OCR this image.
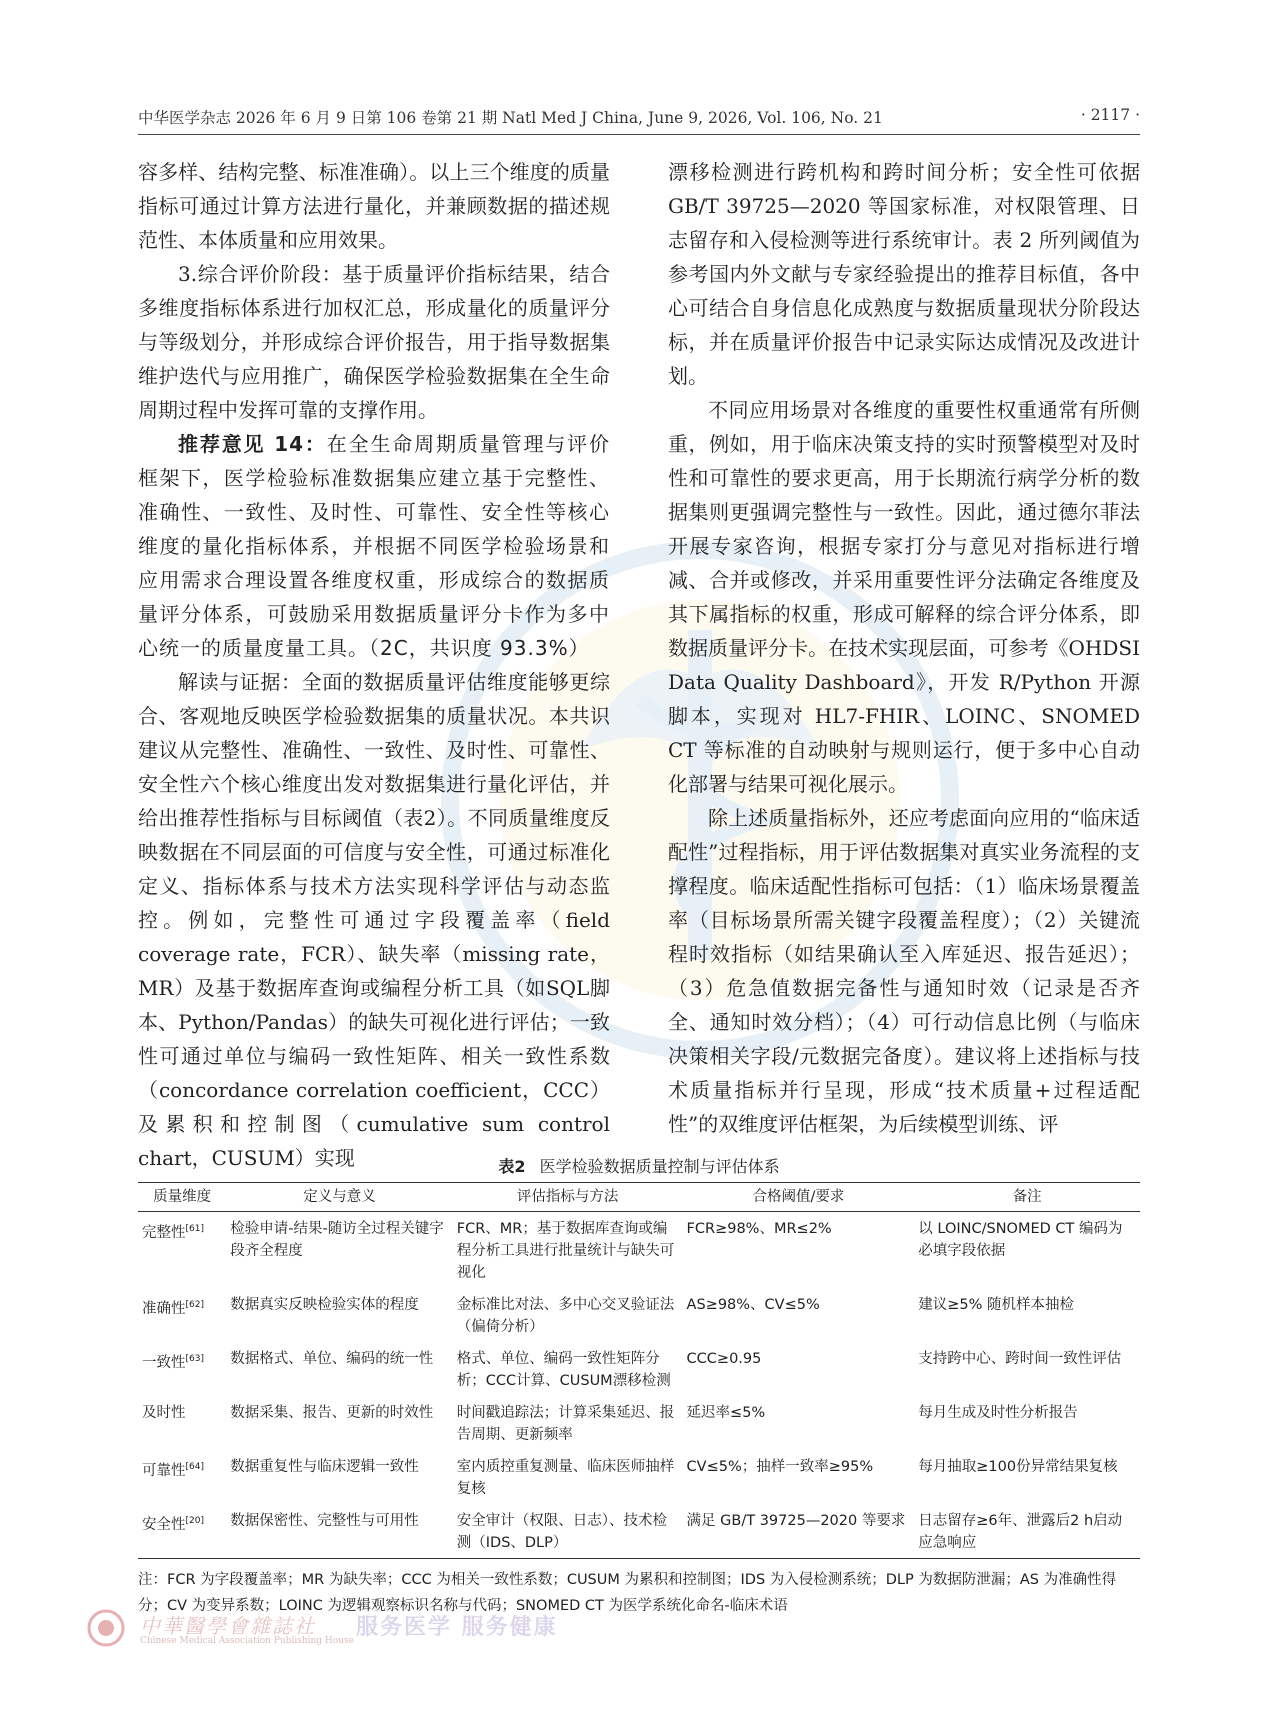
中华医学杂志 2026 年 6 月 9 日第 106 卷第 21 期 Natl Med J China, June 9, 2026, Vol. 106, No. 21	· 2117 ·

容多样、结构完整、标准准确）。以上三个维度的质量指标可通过计算方法进行量化，并兼顾数据的描述规范性、本体质量和应用效果。

3.综合评价阶段：基于质量评价指标结果，结合多维度指标体系进行加权汇总，形成量化的质量评分与等级划分，并形成综合评价报告，用于指导数据集维护迭代与应用推广，确保医学检验数据集在全生命周期过程中发挥可靠的支撑作用。

推荐意见 14：在全生命周期质量管理与评价框架下，医学检验标准数据集应建立基于完整性、准确性、一致性、及时性、可靠性、安全性等核心维度的量化指标体系，并根据不同医学检验场景和应用需求合理设置各维度权重，形成综合的数据质量评分体系，可鼓励采用数据质量评分卡作为多中心统一的质量度量工具。（2C，共识度 93.3%）

解读与证据：全面的数据质量评估维度能够更综合、客观地反映医学检验数据集的质量状况。本共识建议从完整性、准确性、一致性、及时性、可靠性、安全性六个核心维度出发对数据集进行量化评估，并给出推荐性指标与目标阈值（表2）。不同质量维度反映数据在不同层面的可信度与安全性，可通过标准化定义、指标体系与技术方法实现科学评估与动态监控。例如，完整性可通过字段覆盖率（field coverage rate，FCR）、缺失率（missing rate，MR）及基于数据库查询或编程分析工具（如SQL脚本、Python/Pandas）的缺失可视化进行评估；一致性可通过单位与编码一致性矩阵、相关一致性系数（concordance correlation coefficient，CCC）及累积和控制图（cumulative sum control chart，CUSUM）实现

漂移检测进行跨机构和跨时间分析；安全性可依据 GB/T 39725—2020 等国家标准，对权限管理、日志留存和入侵检测等进行系统审计。表 2 所列阈值为参考国内外文献与专家经验提出的推荐目标值，各中心可结合自身信息化成熟度与数据质量现状分阶段达标，并在质量评价报告中记录实际达成情况及改进计划。

不同应用场景对各维度的重要性权重通常有所侧重，例如，用于临床决策支持的实时预警模型对及时性和可靠性的要求更高，用于长期流行病学分析的数据集则更强调完整性与一致性。因此，通过德尔菲法开展专家咨询，根据专家打分与意见对指标进行增减、合并或修改，并采用重要性评分法确定各维度及其下属指标的权重，形成可解释的综合评分体系，即数据质量评分卡。在技术实现层面，可参考《OHDSI Data Quality Dashboard》，开发 R/Python 开源脚本，实现对 HL7-FHIR、LOINC、SNOMED CT 等标准的自动映射与规则运行，便于多中心自动化部署与结果可视化展示。

除上述质量指标外，还应考虑面向应用的“临床适配性”过程指标，用于评估数据集对真实业务流程的支撑程度。临床适配性指标可包括：（1）临床场景覆盖率（目标场景所需关键字段覆盖程度）；（2）关键流程时效指标（如结果确认至入库延迟、报告延迟）；（3）危急值数据完备性与通知时效（记录是否齐全、通知时效分档）；（4）可行动信息比例（与临床决策相关字段/元数据完备度）。建议将上述指标与技术质量指标并行呈现，形成“技术质量+过程适配性”的双维度评估框架，为后续模型训练、评

表2 医学检验数据质量控制与评估体系
质量维度	定义与意义	评估指标与方法	合格阈值/要求	备注
完整性[61]	检验申请-结果-随访全过程关键字段齐全程度	FCR、MR；基于数据库查询或编程分析工具进行批量统计与缺失可视化	FCR≥98%、MR≤2%	以 LOINC/SNOMED CT 编码为必填字段依据
准确性[62]	数据真实反映检验实体的程度	金标准比对法、多中心交叉验证法（偏倚分析）	AS≥98%、CV≤5%	建议≥5% 随机样本抽检
一致性[63]	数据格式、单位、编码的统一性	格式、单位、编码一致性矩阵分析；CCC计算、CUSUM漂移检测	CCC≥0.95	支持跨中心、跨时间一致性评估
及时性	数据采集、报告、更新的时效性	时间戳追踪法；计算采集延迟、报告周期、更新频率	延迟率≤5%	每月生成及时性分析报告
可靠性[64]	数据重复性与临床逻辑一致性	室内质控重复测量、临床医师抽样复核	CV≤5%；抽样一致率≥95%	每月抽取≥100份异常结果复核
安全性[20]	数据保密性、完整性与可用性	安全审计（权限、日志）、技术检测（IDS、DLP）	满足 GB/T 39725—2020 等要求	日志留存≥6年、泄露后2 h启动应急响应
注：FCR 为字段覆盖率；MR 为缺失率；CCC 为相关一致性系数；CUSUM 为累积和控制图；IDS 为入侵检测系统；DLP 为数据防泄漏；AS 为准确性得分；CV 为变异系数；LOINC 为逻辑观察标识名称与代码；SNOMED CT 为医学系统化命名-临床术语
中華醫學會雜誌社
Chinese Medical Association Publishing House
服务医学 服务健康
